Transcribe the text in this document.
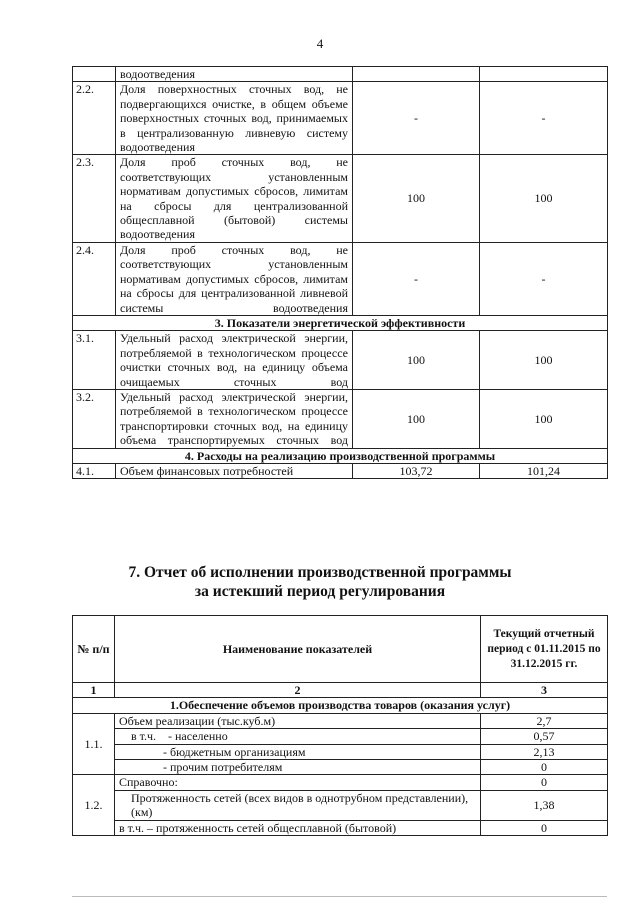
4
	водоотведения		
2.2.	Доля поверхностных сточных вод, не подвергающихся очистке, в общем объеме поверхностных сточных вод, принимаемых в централизованную ливневую систему водоотведения	-	-
2.3.	Доля проб сточных вод, не соответствующих установленным нормативам допустимых сбросов, лимитам на сбросы для централизованной общесплавной (бытовой) системы водоотведения	100	100
2.4.	Доля проб сточных вод, не соответствующих установленным нормативам допустимых сбросов, лимитам на сбросы для централизованной ливневой системы водоотведения	-	-
3. Показатели энергетической эффективности			
3.1.	Удельный расход электрической энергии, потребляемой в технологическом процессе очистки сточных вод, на единицу объема очищаемых сточных вод	100	100
3.2.	Удельный расход электрической энергии, потребляемой в технологическом процессе транспортировки сточных вод, на единицу объема транспортируемых сточных вод	100	100
4. Расходы на реализацию производственной программы			
4.1.	Объем финансовых потребностей	103,72	101,24
7. Отчет об исполнении производственной программы
за истекший период регулирования
№ п/п	Наименование показателей	Текущий отчетный период с 01.11.2015 по 31.12.2015 гг.
1	2	3
1.Обеспечение объемов производства товаров (оказания услуг)		
1.1.	Объем реализации (тыс.куб.м)	2,7
	в т.ч. - населенно	0,57
	- бюджетным организациям	2,13
	- прочим потребителям	0
1.2.	Справочно:	0
	Протяженность сетей (всех видов в однотрубном представлении), (км)	1,38
	в т.ч. – протяженность сетей общесплавной (бытовой)	0
